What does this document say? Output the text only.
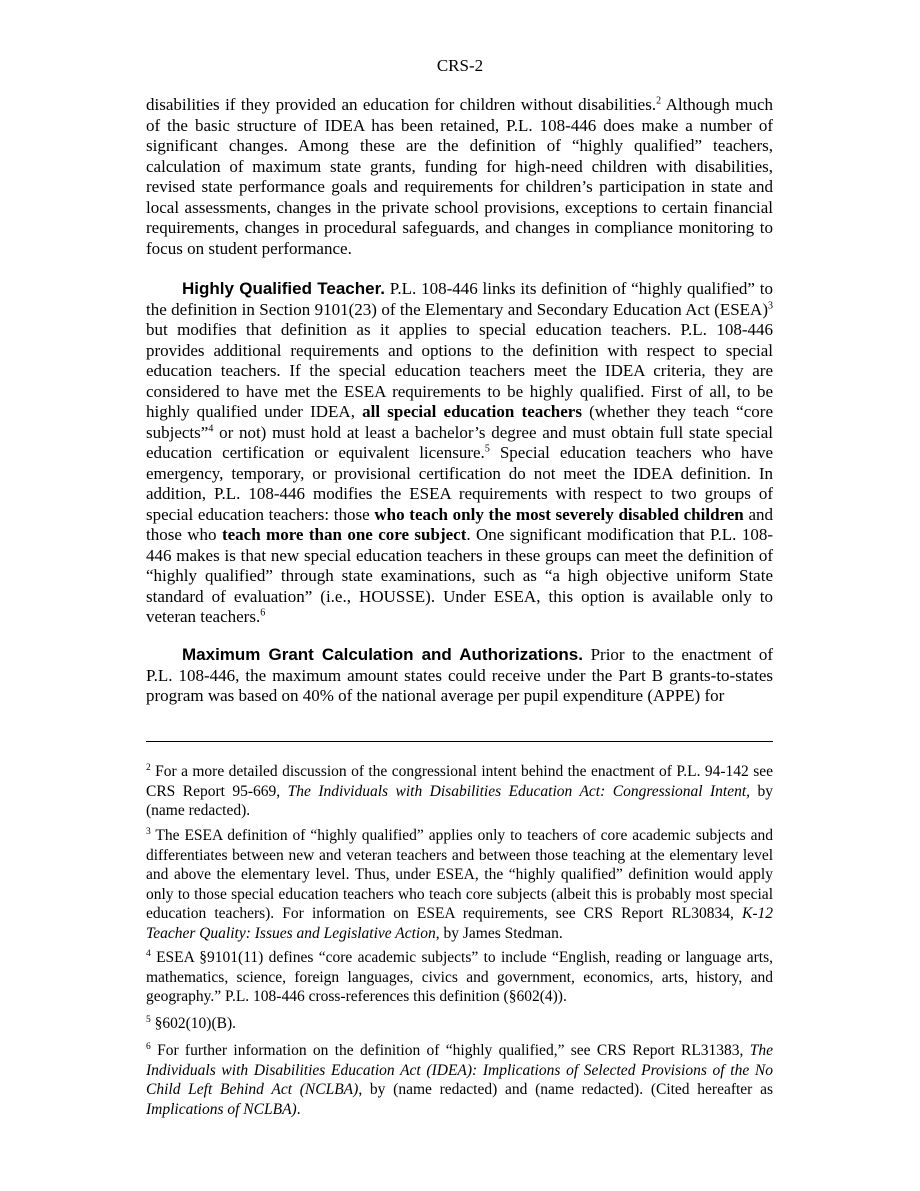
CRS-2

disabilities if they provided an education for children without disabilities.$^2$ Although much of the basic structure of IDEA has been retained, P.L. 108-446 does make a number of significant changes. Among these are the definition of “highly qualified” teachers, calculation of maximum state grants, funding for high-need children with disabilities, revised state performance goals and requirements for children’s participation in state and local assessments, changes in the private school provisions, exceptions to certain financial requirements, changes in procedural safeguards, and changes in compliance monitoring to focus on student performance.

Highly Qualified Teacher. P.L. 108-446 links its definition of “highly qualified” to the definition in Section 9101(23) of the Elementary and Secondary Education Act (ESEA)$^3$ but modifies that definition as it applies to special education teachers. P.L. 108-446 provides additional requirements and options to the definition with respect to special education teachers. If the special education teachers meet the IDEA criteria, they are considered to have met the ESEA requirements to be highly qualified. First of all, to be highly qualified under IDEA, all special education teachers (whether they teach “core subjects”$^4$ or not) must hold at least a bachelor’s degree and must obtain full state special education certification or equivalent licensure.$^5$ Special education teachers who have emergency, temporary, or provisional certification do not meet the IDEA definition. In addition, P.L. 108-446 modifies the ESEA requirements with respect to two groups of special education teachers: those who teach only the most severely disabled children and those who teach more than one core subject. One significant modification that P.L. 108-446 makes is that new special education teachers in these groups can meet the definition of “highly qualified” through state examinations, such as “a high objective uniform State standard of evaluation” (i.e., HOUSSE). Under ESEA, this option is available only to veteran teachers.$^6$

Maximum Grant Calculation and Authorizations. Prior to the enactment of P.L. 108-446, the maximum amount states could receive under the Part B grants-to-states program was based on 40% of the national average per pupil expenditure (APPE) for

$^2$ For a more detailed discussion of the congressional intent behind the enactment of P.L. 94-142 see CRS Report 95-669, The Individuals with Disabilities Education Act: Congressional Intent, by (name redacted).

$^3$ The ESEA definition of “highly qualified” applies only to teachers of core academic subjects and differentiates between new and veteran teachers and between those teaching at the elementary level and above the elementary level. Thus, under ESEA, the “highly qualified” definition would apply only to those special education teachers who teach core subjects (albeit this is probably most special education teachers). For information on ESEA requirements, see CRS Report RL30834, K-12 Teacher Quality: Issues and Legislative Action, by James Stedman.

$^4$ ESEA §9101(11) defines “core academic subjects” to include “English, reading or language arts, mathematics, science, foreign languages, civics and government, economics, arts, history, and geography.” P.L. 108-446 cross-references this definition (§602(4)).

$^5$ §602(10)(B).

$^6$ For further information on the definition of “highly qualified,” see CRS Report RL31383, The Individuals with Disabilities Education Act (IDEA): Implications of Selected Provisions of the No Child Left Behind Act (NCLBA), by (name redacted) and (name redacted). (Cited hereafter as Implications of NCLBA).
